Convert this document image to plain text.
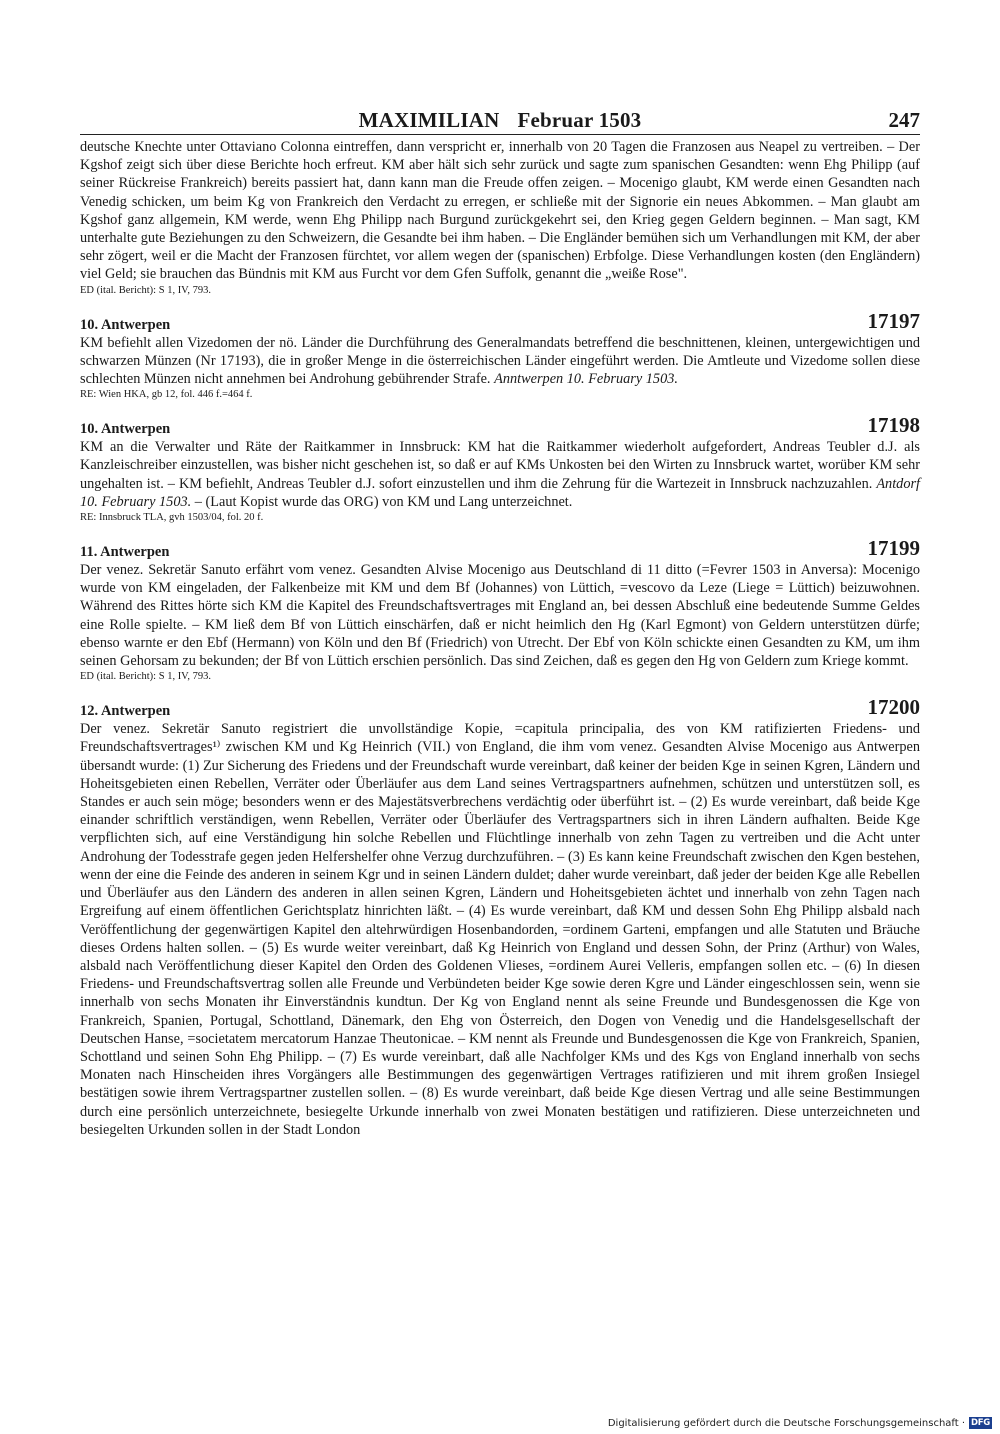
MAXIMILIAN Februar 1503	247

deutsche Knechte unter Ottaviano Colonna eintreffen, dann verspricht er, innerhalb von 20 Tagen die Franzosen aus Neapel zu vertreiben. – Der Kgshof zeigt sich über diese Berichte hoch erfreut. KM aber hält sich sehr zurück und sagte zum spanischen Gesandten: wenn Ehg Philipp (auf seiner Rückreise Frankreich) bereits passiert hat, dann kann man die Freude offen zeigen. – Mocenigo glaubt, KM werde einen Gesandten nach Venedig schicken, um beim Kg von Frankreich den Verdacht zu erregen, er schließe mit der Signorie ein neues Abkommen. – Man glaubt am Kgshof ganz allgemein, KM werde, wenn Ehg Philipp nach Burgund zurückgekehrt sei, den Krieg gegen Geldern beginnen. – Man sagt, KM unterhalte gute Beziehungen zu den Schweizern, die Gesandte bei ihm haben. – Die Engländer bemühen sich um Verhandlungen mit KM, der aber sehr zögert, weil er die Macht der Franzosen fürchtet, vor allem wegen der (spanischen) Erbfolge. Diese Verhandlungen kosten (den Engländern) viel Geld; sie brauchen das Bündnis mit KM aus Furcht vor dem Gfen Suffolk, genannt die „weiße Rose".

ED (ital. Bericht): S 1, IV, 793.

10. Antwerpen	17197

KM befiehlt allen Vizedomen der nö. Länder die Durchführung des Generalmandats betreffend die beschnittenen, kleinen, untergewichtigen und schwarzen Münzen (Nr 17193), die in großer Menge in die österreichischen Länder eingeführt werden. Die Amtleute und Vizedome sollen diese schlechten Münzen nicht annehmen bei Androhung gebührender Strafe. Anntwerpen 10. February 1503.

RE: Wien HKA, gb 12, fol. 446 f.=464 f.

10. Antwerpen	17198

KM an die Verwalter und Räte der Raitkammer in Innsbruck: KM hat die Raitkammer wiederholt aufgefordert, Andreas Teubler d.J. als Kanzleischreiber einzustellen, was bisher nicht geschehen ist, so daß er auf KMs Unkosten bei den Wirten zu Innsbruck wartet, worüber KM sehr ungehalten ist. – KM befiehlt, Andreas Teubler d.J. sofort einzustellen und ihm die Zehrung für die Wartezeit in Innsbruck nachzuzahlen. Antdorf 10. February 1503. – (Laut Kopist wurde das ORG) von KM und Lang unterzeichnet.

RE: Innsbruck TLA, gvh 1503/04, fol. 20 f.

11. Antwerpen	17199

Der venez. Sekretär Sanuto erfährt vom venez. Gesandten Alvise Mocenigo aus Deutschland di 11 ditto (=Fevrer 1503 in Anversa): Mocenigo wurde von KM eingeladen, der Falkenbeize mit KM und dem Bf (Johannes) von Lüttich, =vescovo da Leze (Liege = Lüttich) beizuwohnen. Während des Rittes hörte sich KM die Kapitel des Freundschaftsvertrages mit England an, bei dessen Abschluß eine bedeutende Summe Geldes eine Rolle spielte. – KM ließ dem Bf von Lüttich einschärfen, daß er nicht heimlich den Hg (Karl Egmont) von Geldern unterstützen dürfe; ebenso warnte er den Ebf (Hermann) von Köln und den Bf (Friedrich) von Utrecht. Der Ebf von Köln schickte einen Gesandten zu KM, um ihm seinen Gehorsam zu bekunden; der Bf von Lüttich erschien persönlich. Das sind Zeichen, daß es gegen den Hg von Geldern zum Kriege kommt.

ED (ital. Bericht): S 1, IV, 793.

12. Antwerpen	17200

Der venez. Sekretär Sanuto registriert die unvollständige Kopie, =capitula principalia, des von KM ratifizierten Friedens- und Freundschaftsvertrages¹⁾ zwischen KM und Kg Heinrich (VII.) von England, die ihm vom venez. Gesandten Alvise Mocenigo aus Antwerpen übersandt wurde: (1) Zur Sicherung des Friedens und der Freundschaft wurde vereinbart, daß keiner der beiden Kge in seinen Kgren, Ländern und Hoheitsgebieten einen Rebellen, Verräter oder Überläufer aus dem Land seines Vertragspartners aufnehmen, schützen und unterstützen soll, es Standes er auch sein möge; besonders wenn er des Majestätsverbrechens verdächtig oder überführt ist. – (2) Es wurde vereinbart, daß beide Kge einander schriftlich verständigen, wenn Rebellen, Verräter oder Überläufer des Vertragspartners sich in ihren Ländern aufhalten. Beide Kge verpflichten sich, auf eine Verständigung hin solche Rebellen und Flüchtlinge innerhalb von zehn Tagen zu vertreiben und die Acht unter Androhung der Todesstrafe gegen jeden Helfershelfer ohne Verzug durchzuführen. – (3) Es kann keine Freundschaft zwischen den Kgen bestehen, wenn der eine die Feinde des anderen in seinem Kgr und in seinen Ländern duldet; daher wurde vereinbart, daß jeder der beiden Kge alle Rebellen und Überläufer aus den Ländern des anderen in allen seinen Kgren, Ländern und Hoheitsgebieten ächtet und innerhalb von zehn Tagen nach Ergreifung auf einem öffentlichen Gerichtsplatz hinrichten läßt. – (4) Es wurde vereinbart, daß KM und dessen Sohn Ehg Philipp alsbald nach Veröffentlichung der gegenwärtigen Kapitel den altehrwürdigen Hosenbandorden, =ordinem Garteni, empfangen und alle Statuten und Bräuche dieses Ordens halten sollen. – (5) Es wurde weiter vereinbart, daß Kg Heinrich von England und dessen Sohn, der Prinz (Arthur) von Wales, alsbald nach Veröffentlichung dieser Kapitel den Orden des Goldenen Vlieses, =ordinem Aurei Velleris, empfangen sollen etc. – (6) In diesen Friedens- und Freundschaftsvertrag sollen alle Freunde und Verbündeten beider Kge sowie deren Kgre und Länder eingeschlossen sein, wenn sie innerhalb von sechs Monaten ihr Einverständnis kundtun. Der Kg von England nennt als seine Freunde und Bundesgenossen die Kge von Frankreich, Spanien, Portugal, Schottland, Dänemark, den Ehg von Österreich, den Dogen von Venedig und die Handelsgesellschaft der Deutschen Hanse, =societatem mercatorum Hanzae Theutonicae. – KM nennt als Freunde und Bundesgenossen die Kge von Frankreich, Spanien, Schottland und seinen Sohn Ehg Philipp. – (7) Es wurde vereinbart, daß alle Nachfolger KMs und des Kgs von England innerhalb von sechs Monaten nach Hinscheiden ihres Vorgängers alle Bestimmungen des gegenwärtigen Vertrages ratifizieren und mit ihrem großen Insiegel bestätigen sowie ihrem Vertragspartner zustellen sollen. – (8) Es wurde vereinbart, daß beide Kge diesen Vertrag und alle seine Bestimmungen durch eine persönlich unterzeichnete, besiegelte Urkunde innerhalb von zwei Monaten bestätigen und ratifizieren. Diese unterzeichneten und besiegelten Urkunden sollen in der Stadt London

Digitalisierung gefördert durch die Deutsche Forschungsgemeinschaft · DFG
